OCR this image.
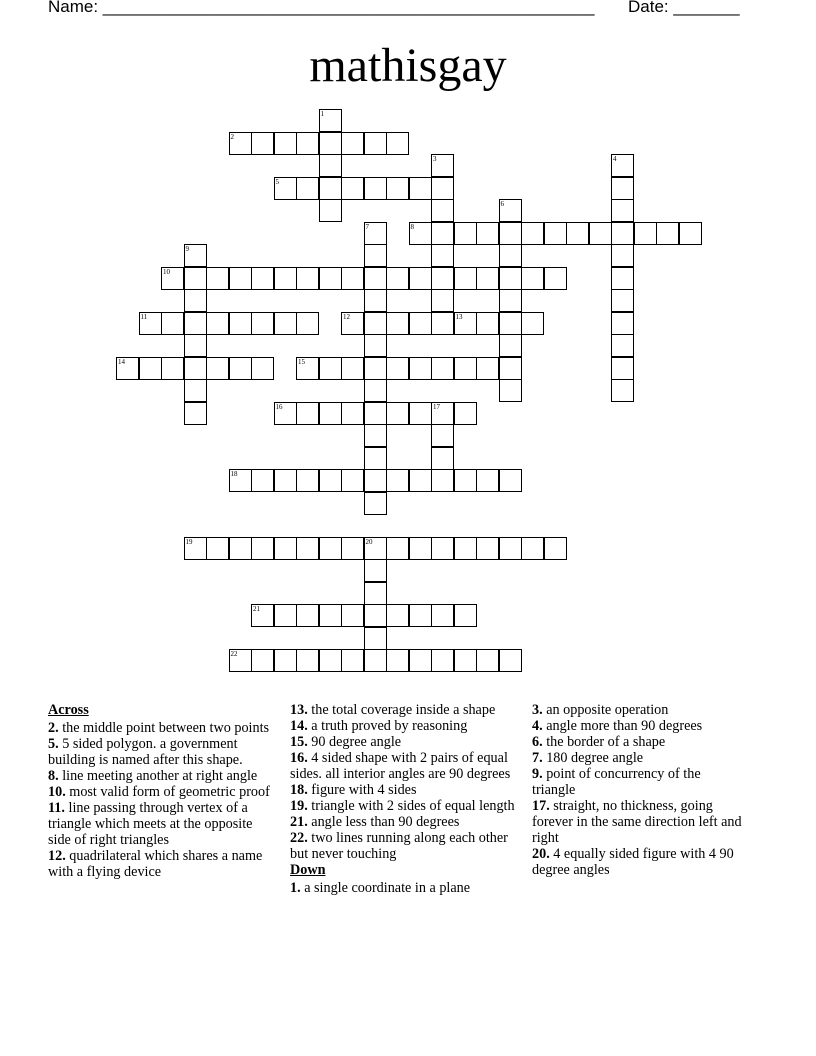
Name: ____________________________________________________ Date: _______
mathisgay
2
5
8
10
11	12	13
14	15
16
18
19
21
22
1
3	4
6
7
9
17
20
Across
2. the middle point between two points
5. 5 sided polygon. a government building is named after this shape.
8. line meeting another at right angle
10. most valid form of geometric proof
11. line passing through vertex of a triangle which meets at the opposite side of right triangles
12. quadrilateral which shares a name with a flying device
13. the total coverage inside a shape
14. a truth proved by reasoning
15. 90 degree angle
16. 4 sided shape with 2 pairs of equal sides. all interior angles are 90 degrees
18. figure with 4 sides
19. triangle with 2 sides of equal length
21. angle less than 90 degrees
22. two lines running along each other but never touching
Down
1. a single coordinate in a plane
3. an opposite operation
4. angle more than 90 degrees
6. the border of a shape
7. 180 degree angle
9. point of concurrency of the triangle
17. straight, no thickness, going forever in the same direction left and right
20. 4 equally sided figure with 4 90 degree angles
